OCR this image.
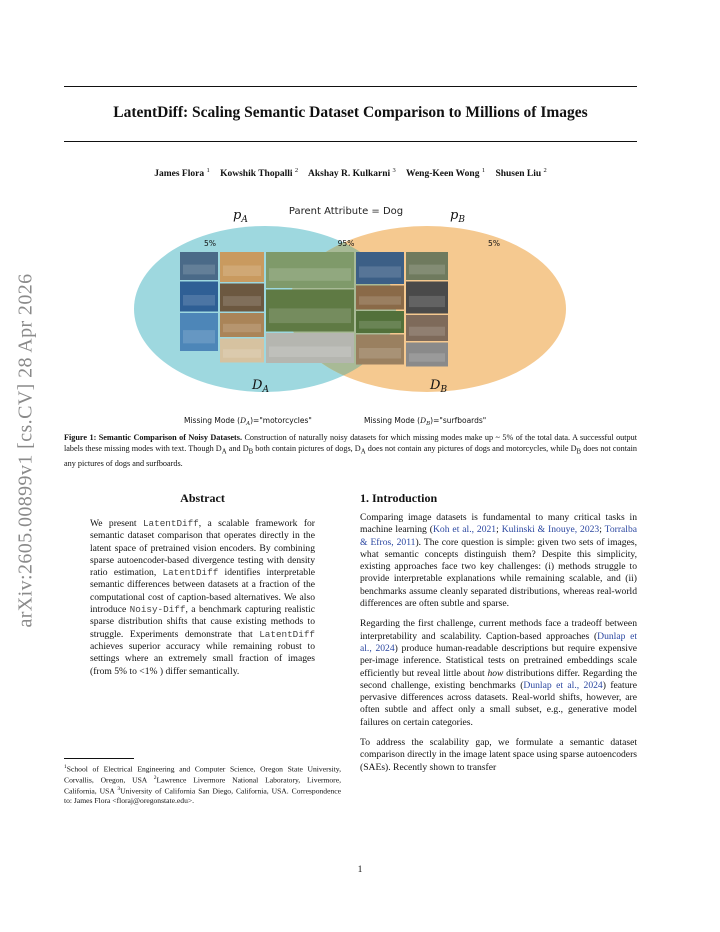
arXiv:2605.00899v1 [cs.CV] 28 Apr 2026
LatentDiff: Scaling Semantic Dataset Comparison to Millions of Images
James Flora $^1$ Kowshik Thopalli $^2$ Akshay R. Kulkarni $^3$ Weng-Keen Wong $^1$ Shusen Liu $^2$
Parent Attribute = Dog
$p_A$	$p_B$
5%	95%	5%
$D_A$	$D_B$
Missing Mode $(D_A)="motorcycles$"	Missing Mode $(D_B)="surfboards$"
Figure 1: Semantic Comparison of Noisy Datasets. Construction of naturally noisy datasets for which missing modes make up ~ 5% of the total data. A successful output labels these missing modes with text. Though $D_A$ and $D_B$ both contain pictures of dogs, $D_A$ does not contain any pictures of dogs and motorcycles, while $D_B$ does not contain any pictures of dogs and surfboards.
Abstract
We present LatentDiff, a scalable framework for semantic dataset comparison that operates directly in the latent space of pretrained vision encoders. By combining sparse autoencoder-based divergence testing with density ratio estimation, LatentDiff identifies interpretable semantic differences between datasets at a fraction of the computational cost of caption-based alternatives. We also introduce Noisy-Diff, a benchmark capturing realistic sparse distribution shifts that cause existing methods to struggle. Experiments demonstrate that LatentDiff achieves superior accuracy while remaining robust to settings where an extremely small fraction of images (from 5% to <1% ) differ semantically.
$^1$School of Electrical Engineering and Computer Science, Oregon State University, Corvallis, Oregon, USA $^2$Lawrence Livermore National Laboratory, Livermore, California, USA $^3$University of California San Diego, California, USA. Correspondence to: James Flora <floraj@oregonstate.edu>.
1. Introduction

Comparing image datasets is fundamental to many critical tasks in machine learning (Koh et al., 2021; Kulinski & Inouye, 2023; Torralba & Efros, 2011). The core question is simple: given two sets of images, what semantic concepts distinguish them? Despite this simplicity, existing approaches face two key challenges: (i) methods struggle to provide interpretable explanations while remaining scalable, and (ii) benchmarks assume cleanly separated distributions, whereas real-world differences are often subtle and sparse.

Regarding the first challenge, current methods face a tradeoff between interpretability and scalability. Caption-based approaches (Dunlap et al., 2024) produce human-readable descriptions but require expensive per-image inference. Statistical tests on pretrained embeddings scale efficiently but reveal little about how distributions differ. Regarding the second challenge, existing benchmarks (Dunlap et al., 2024) feature pervasive differences across datasets. Real-world shifts, however, are often subtle and affect only a small subset, e.g., generative model failures on certain categories.

To address the scalability gap, we formulate a semantic dataset comparison directly in the image latent space using sparse autoencoders (SAEs). Recently shown to transfer

1
